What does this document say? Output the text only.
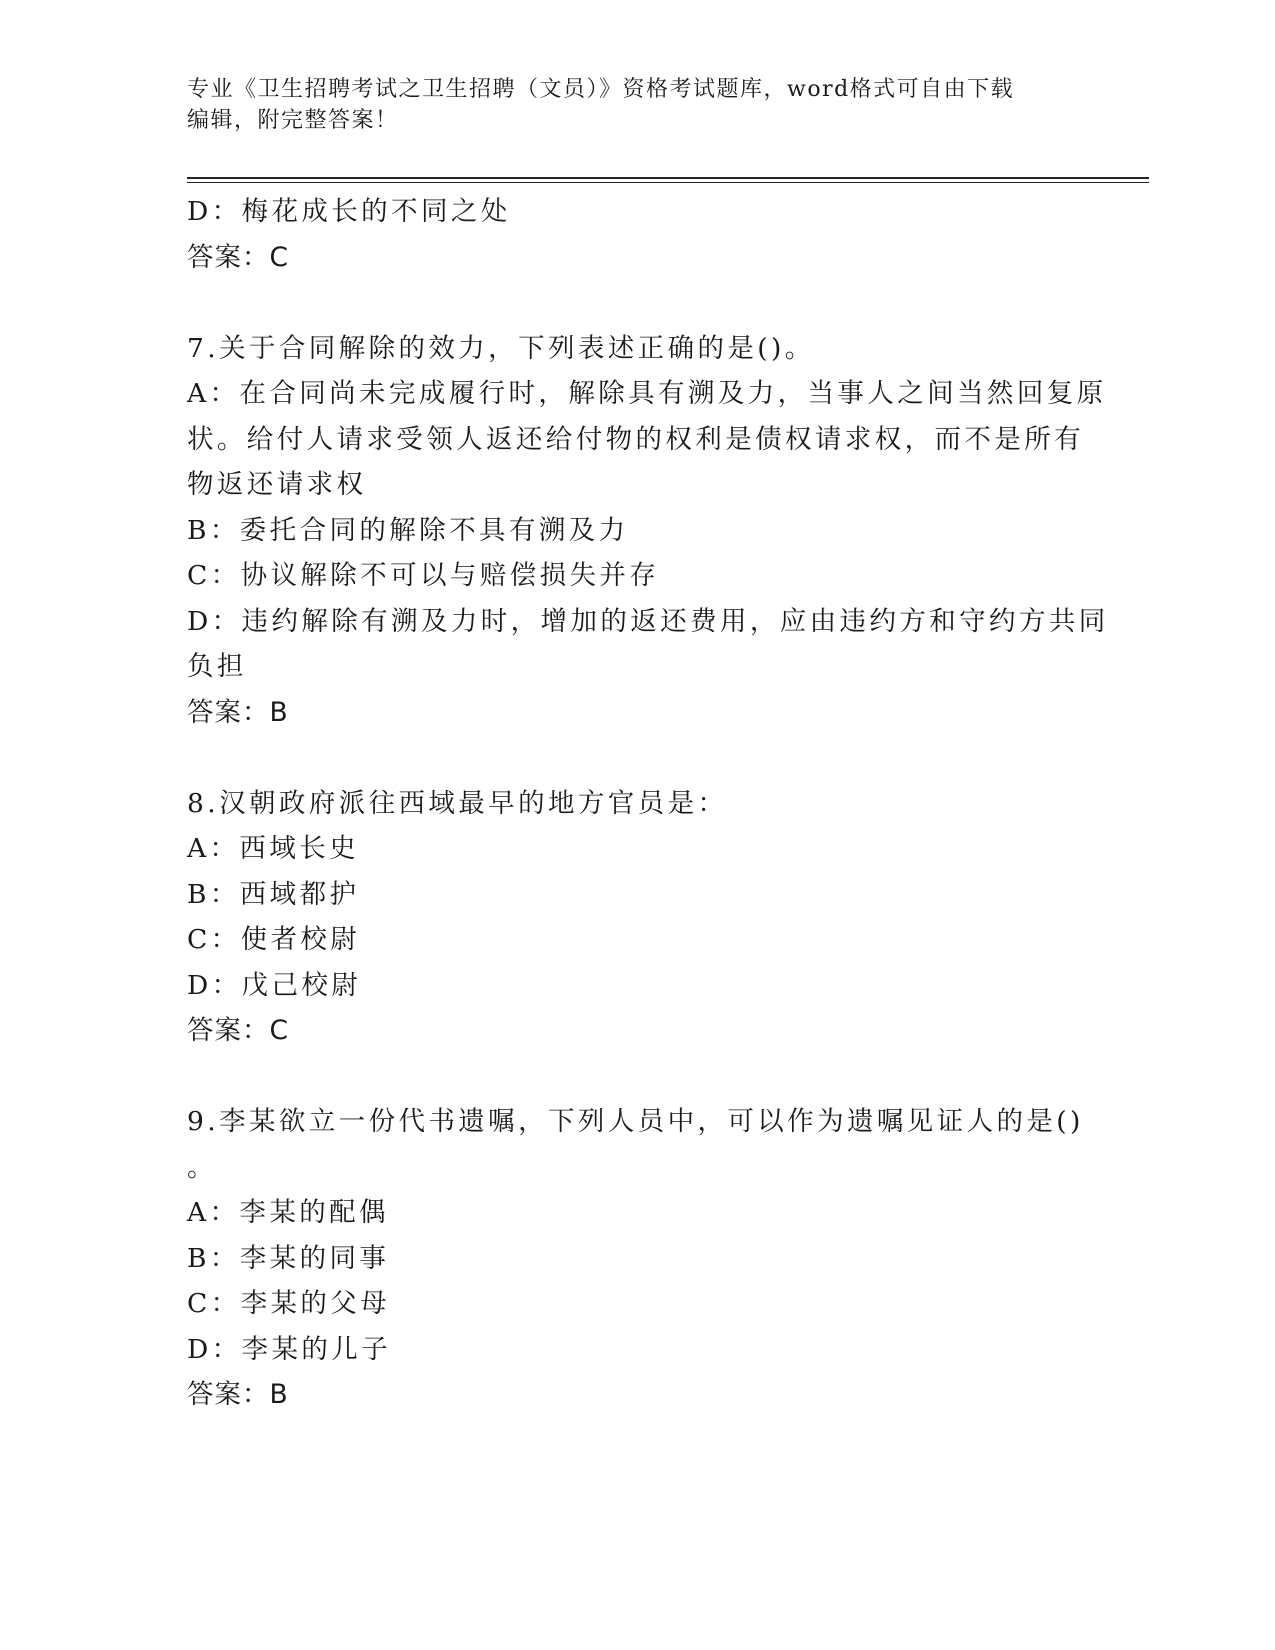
专业《卫生招聘考试之卫生招聘（文员）》资格考试题库，word格式可自由下载
编辑，附完整答案！
D：梅花成长的不同之处
答案：C
7.关于合同解除的效力，下列表述正确的是()。
A：在合同尚未完成履行时，解除具有溯及力，当事人之间当然回复原
状。给付人请求受领人返还给付物的权利是债权请求权，而不是所有
物返还请求权
B：委托合同的解除不具有溯及力
C：协议解除不可以与赔偿损失并存
D：违约解除有溯及力时，增加的返还费用，应由违约方和守约方共同
负担
答案：B
8.汉朝政府派往西域最早的地方官员是：
A：西域长史
B：西域都护
C：使者校尉
D：戊己校尉
答案：C
9.李某欲立一份代书遗嘱，下列人员中，可以作为遗嘱见证人的是()
。
A：李某的配偶
B：李某的同事
C：李某的父母
D：李某的儿子
答案：B
